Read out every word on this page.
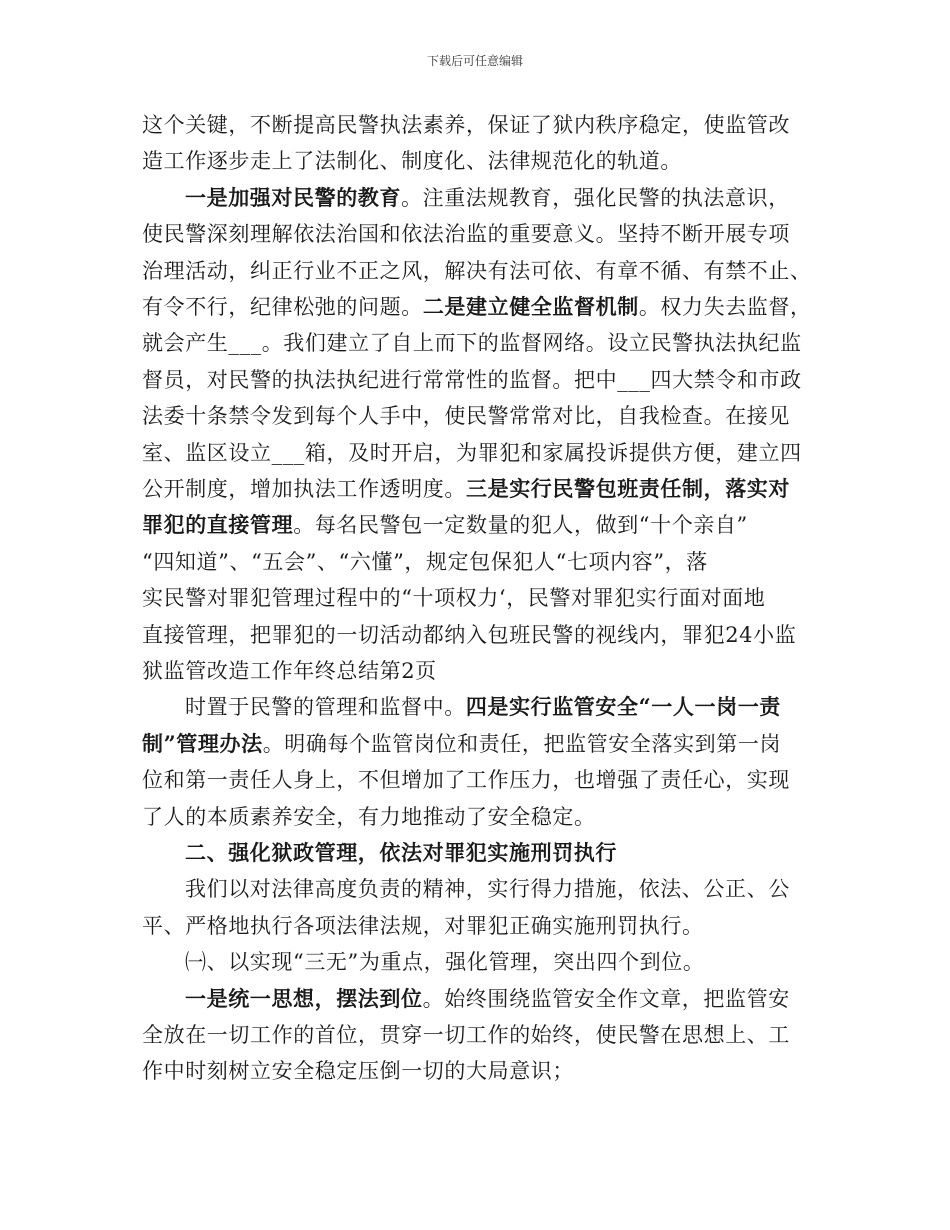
下载后可任意编辑
这个关键，不断提高民警执法素养，保证了狱内秩序稳定，使监管改
造工作逐步走上了法制化、制度化、法律规范化的轨道。
一是加强对民警的教育。注重法规教育，强化民警的执法意识，
使民警深刻理解依法治国和依法治监的重要意义。坚持不断开展专项
治理活动，纠正行业不正之风，解决有法可依、有章不循、有禁不止、
有令不行，纪律松弛的问题。二是建立健全监督机制。权力失去监督，
就会产生___。我们建立了自上而下的监督网络。设立民警执法执纪监
督员，对民警的执法执纪进行常常性的监督。把中___四大禁令和市政
法委十条禁令发到每个人手中，使民警常常对比，自我检查。在接见
室、监区设立___箱，及时开启，为罪犯和家属投诉提供方便，建立四
公开制度，增加执法工作透明度。三是实行民警包班责任制，落实对
罪犯的直接管理。每名民警包一定数量的犯人，做到“十个亲自”
“四知道”、“五会”、“六懂”，规定包保犯人“七项内容”，落
实民警对罪犯管理过程中的“十项权力‘，民警对罪犯实行面对面地
直接管理，把罪犯的一切活动都纳入包班民警的视线内，罪犯24小监
狱监管改造工作年终总结第2页
时置于民警的管理和监督中。四是实行监管安全“一人一岗一责
制”管理办法。明确每个监管岗位和责任，把监管安全落实到第一岗
位和第一责任人身上，不但增加了工作压力，也增强了责任心，实现
了人的本质素养安全，有力地推动了安全稳定。
二、强化狱政管理，依法对罪犯实施刑罚执行
我们以对法律高度负责的精神，实行得力措施，依法、公正、公
平、严格地执行各项法律法规，对罪犯正确实施刑罚执行。
㈠、以实现“三无”为重点，强化管理，突出四个到位。
一是统一思想，摆法到位。始终围绕监管安全作文章，把监管安
全放在一切工作的首位，贯穿一切工作的始终，使民警在思想上、工
作中时刻树立安全稳定压倒一切的大局意识；
